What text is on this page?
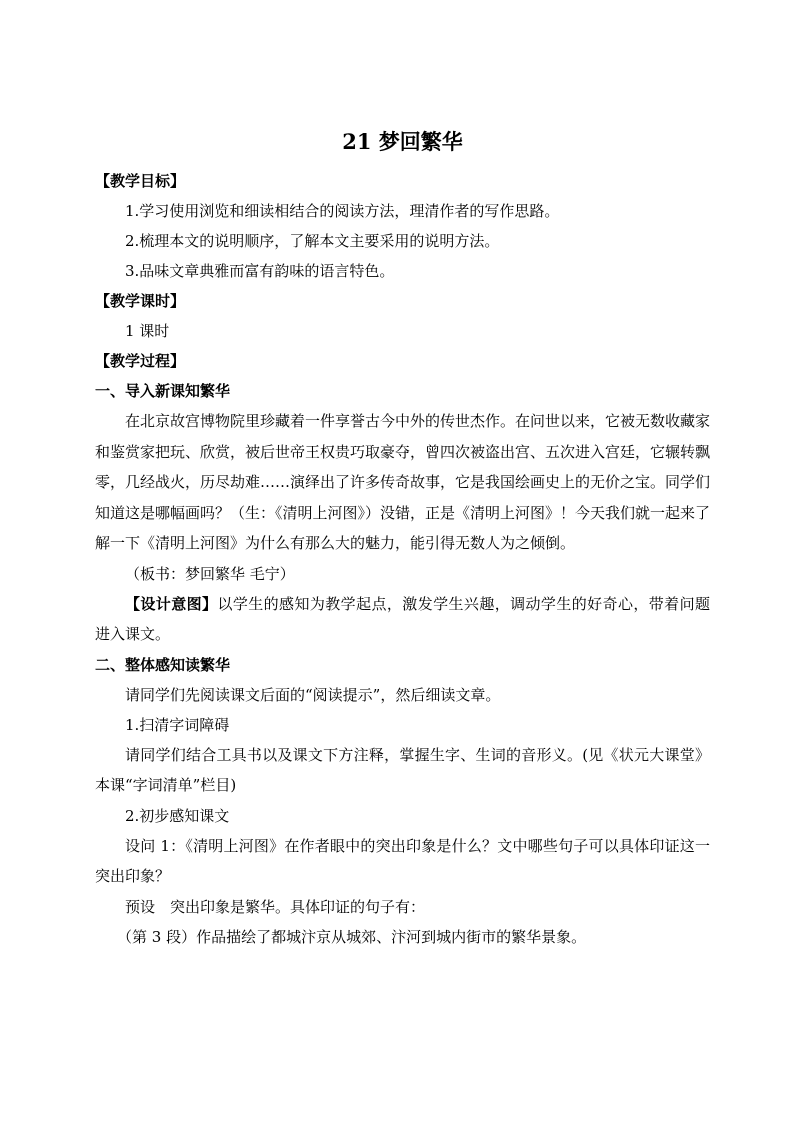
21 梦回繁华
【教学目标】
1.学习使用浏览和细读相结合的阅读方法，理清作者的写作思路。
2.梳理本文的说明顺序，了解本文主要采用的说明方法。
3.品味文章典雅而富有韵味的语言特色。
【教学课时】
1 课时
【教学过程】
一、导入新课知繁华
在北京故宫博物院里珍藏着一件享誉古今中外的传世杰作。在问世以来，它被无数收藏家和鉴赏家把玩、欣赏，被后世帝王权贵巧取豪夺，曾四次被盗出宫、五次进入宫廷，它辗转飘零，几经战火，历尽劫难……演绎出了许多传奇故事，它是我国绘画史上的无价之宝。同学们知道这是哪幅画吗？（生：《清明上河图》）没错，正是《清明上河图》！今天我们就一起来了解一下《清明上河图》为什么有那么大的魅力，能引得无数人为之倾倒。
（板书：梦回繁华 毛宁）
【设计意图】以学生的感知为教学起点，激发学生兴趣，调动学生的好奇心，带着问题进入课文。
二、整体感知读繁华
请同学们先阅读课文后面的“阅读提示”，然后细读文章。
1.扫清字词障碍
请同学们结合工具书以及课文下方注释，掌握生字、生词的音形义。(见《状元大课堂》本课“字词清单”栏目)
2.初步感知课文
设问 1：《清明上河图》在作者眼中的突出印象是什么？文中哪些句子可以具体印证这一突出印象？
预设　突出印象是繁华。具体印证的句子有：
（第 3 段）作品描绘了都城汴京从城郊、汴河到城内街市的繁华景象。
